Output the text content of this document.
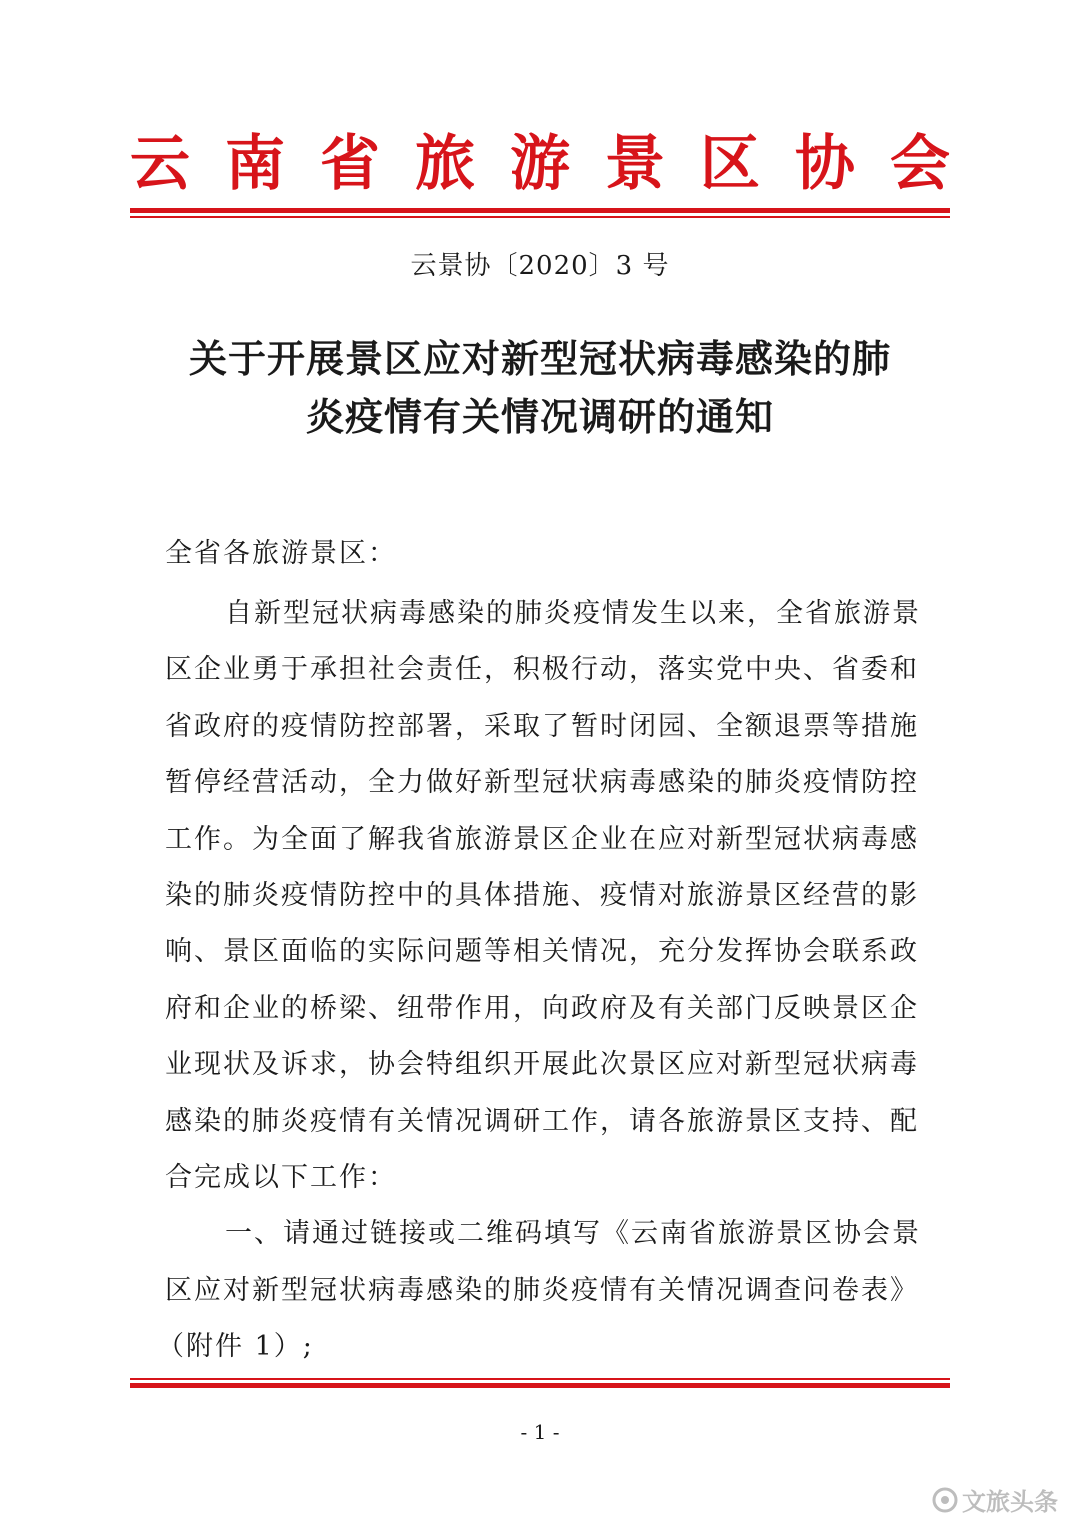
云 南 省 旅 游 景 区 协 会
云景协〔2020〕3 号
关于开展景区应对新型冠状病毒感染的肺
炎疫情有关情况调研的通知
全省各旅游景区：
自新型冠状病毒感染的肺炎疫情发生以来，全省旅游景
区企业勇于承担社会责任，积极行动，落实党中央、省委和
省政府的疫情防控部署，采取了暂时闭园、全额退票等措施
暂停经营活动，全力做好新型冠状病毒感染的肺炎疫情防控
工作。为全面了解我省旅游景区企业在应对新型冠状病毒感
染的肺炎疫情防控中的具体措施、疫情对旅游景区经营的影
响、景区面临的实际问题等相关情况，充分发挥协会联系政
府和企业的桥梁、纽带作用，向政府及有关部门反映景区企
业现状及诉求，协会特组织开展此次景区应对新型冠状病毒
感染的肺炎疫情有关情况调研工作，请各旅游景区支持、配
合完成以下工作：
一、请通过链接或二维码填写《云南省旅游景区协会景
区应对新型冠状病毒感染的肺炎疫情有关情况调查问卷表》
（附件 1）;
- 1 -
文旅头条
